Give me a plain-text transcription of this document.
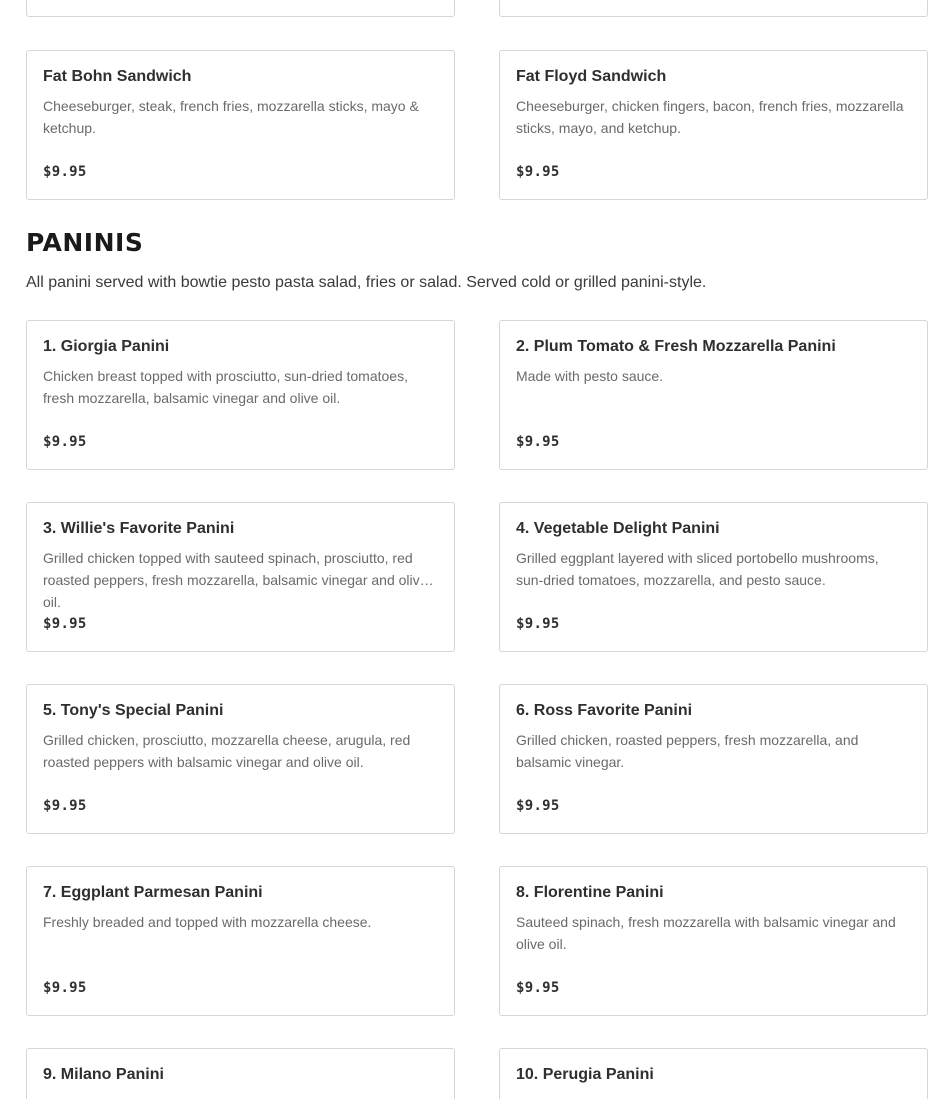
Fat Bohn Sandwich
Cheeseburger, steak, french fries, mozzarella sticks, mayo & ketchup.
$9.95
Fat Floyd Sandwich
Cheeseburger, chicken fingers, bacon, french fries, mozzarella sticks, mayo, and ketchup.
$9.95
PANINIS

All panini served with bowtie pesto pasta salad, fries or salad. Served cold or grilled panini-style.

1. Giorgia Panini
Chicken breast topped with prosciutto, sun-dried tomatoes, fresh mozzarella, balsamic vinegar and olive oil.
$9.95
2. Plum Tomato & Fresh Mozzarella Panini
Made with pesto sauce.
$9.95
3. Willie's Favorite Panini
Grilled chicken topped with sauteed spinach, prosciutto, red roasted peppers, fresh mozzarella, balsamic vinegar and olive oil.
$9.95
4. Vegetable Delight Panini
Grilled eggplant layered with sliced portobello mushrooms, sun-dried tomatoes, mozzarella, and pesto sauce.
$9.95
5. Tony's Special Panini
Grilled chicken, prosciutto, mozzarella cheese, arugula, red roasted peppers with balsamic vinegar and olive oil.
$9.95
6. Ross Favorite Panini
Grilled chicken, roasted peppers, fresh mozzarella, and balsamic vinegar.
$9.95
7. Eggplant Parmesan Panini
Freshly breaded and topped with mozzarella cheese.
$9.95
8. Florentine Panini
Sauteed spinach, fresh mozzarella with balsamic vinegar and olive oil.
$9.95
9. Milano Panini	10. Perugia Panini
